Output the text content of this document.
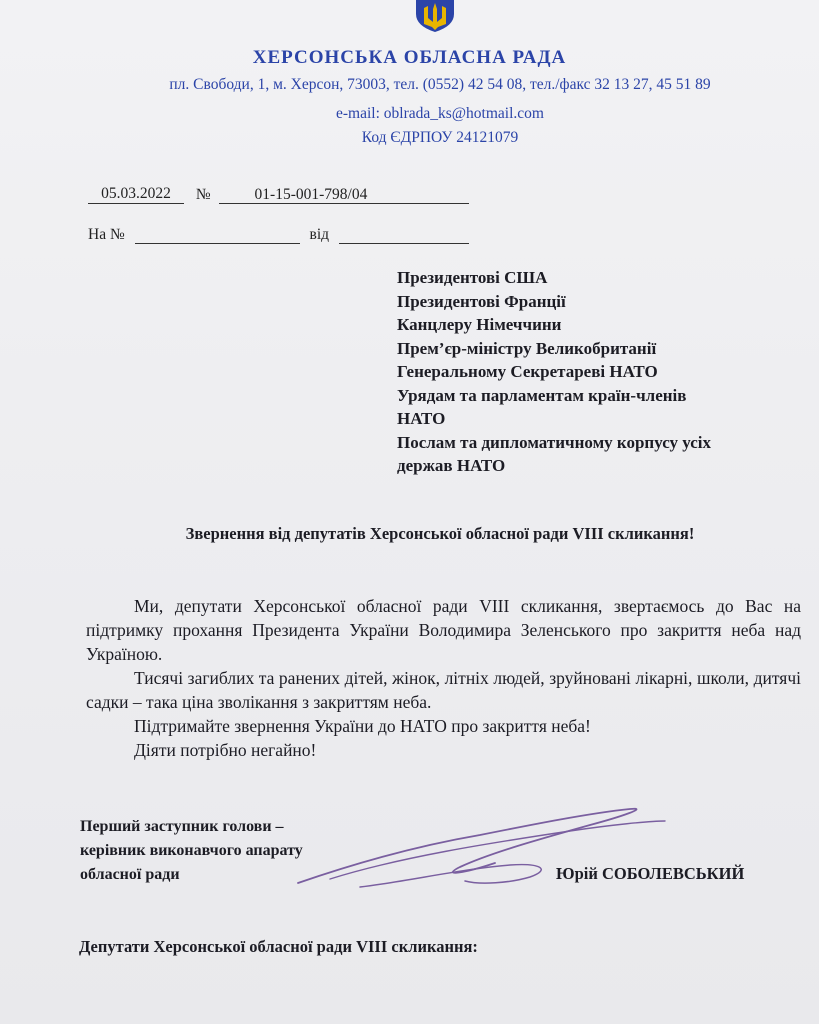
ХЕРСОНСЬКА ОБЛАСНА РАДА
пл. Свободи, 1, м. Херсон, 73003, тел. (0552) 42 54 08, тел./факс 32 13 27, 45 51 89
e-mail: oblrada_ks@hotmail.com
Код ЄДРПОУ 24121079
05.03.2022 №	01-15-001-798/04
На №	від
Президентові США
Президентові Франції
Канцлеру Німеччини
Прем’єр-міністру Великобританії
Генеральному Секретареві НАТО
Урядам та парламентам країн-членів
НАТО
Послам та дипломатичному корпусу усіх
держав НАТО
Звернення від депутатів Херсонської обласної ради VIII скликання!

Ми, депутати Херсонської обласної ради VIII скликання, звертаємось до Вас на підтримку прохання Президента України Володимира Зеленського про закриття неба над Україною.

Тисячі загиблих та ранених дітей, жінок, літніх людей, зруйновані лікарні, школи, дитячі садки – така ціна зволікання з закриттям неба.

Підтримайте звернення України до НАТО про закриття неба!

Діяти потрібно негайно!

Перший заступник голови –
керівник виконавчого апарату
обласної ради	Юрій СОБОЛЕВСЬКИЙ
Депутати Херсонської обласної ради VIII скликання:
